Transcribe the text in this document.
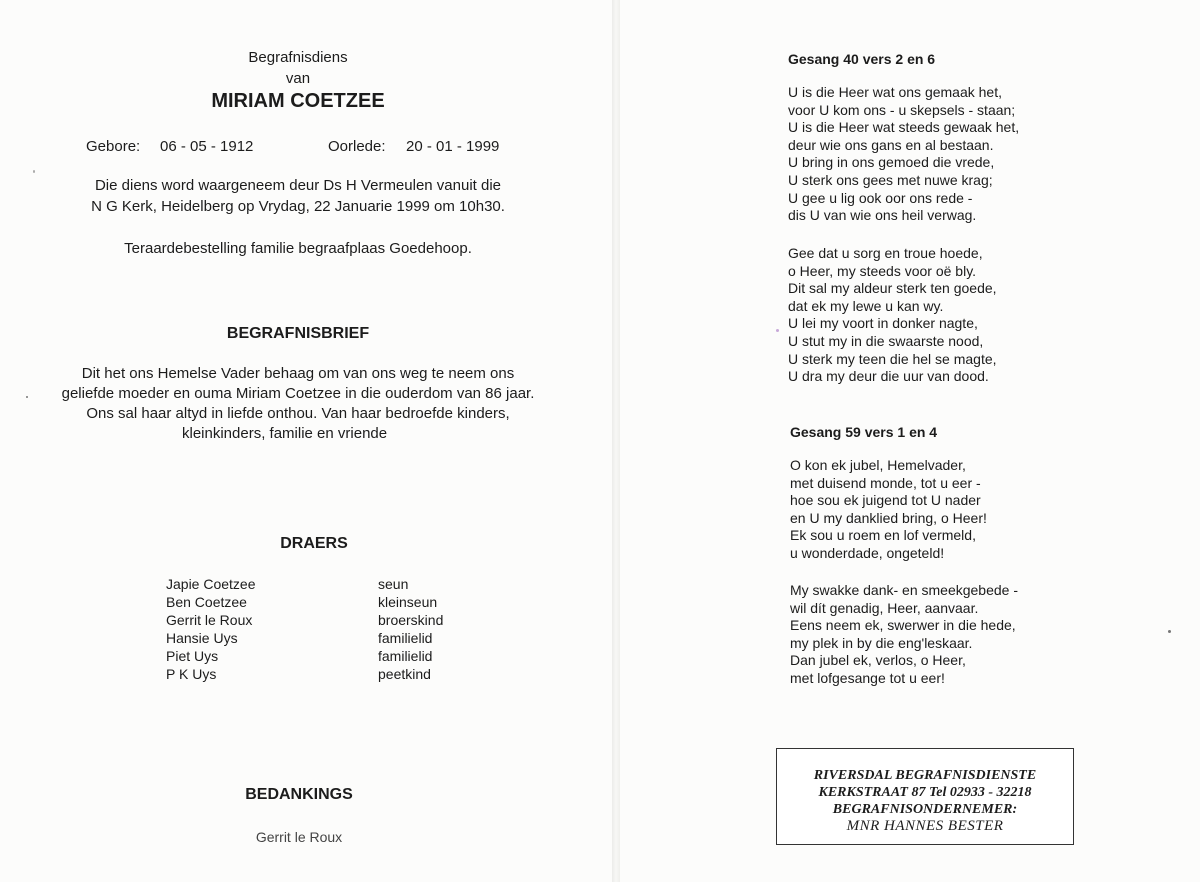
Begrafnisdiens
van
MIRIAM COETZEE
Gebore: 06 - 05 - 1912	Oorlede: 20 - 01 - 1999
Die diens word waargeneem deur Ds H Vermeulen vanuit die
N G Kerk, Heidelberg op Vrydag, 22 Januarie 1999 om 10h30.
Teraardebestelling familie begraafplaas Goedehoop.
BEGRAFNISBRIEF
Dit het ons Hemelse Vader behaag om van ons weg te neem ons
geliefde moeder en ouma Miriam Coetzee in die ouderdom van 86 jaar.
Ons sal haar altyd in liefde onthou. Van haar bedroefde kinders,
kleinkinders, familie en vriende
DRAERS
Japie Coetzee	seun
Ben Coetzee	kleinseun
Gerrit le Roux	broerskind
Hansie Uys	familielid
Piet Uys	familielid
P K Uys	peetkind
BEDANKINGS
Gerrit le Roux
Gesang 40 vers 2 en 6
U is die Heer wat ons gemaak het,
voor U kom ons - u skepsels - staan;
U is die Heer wat steeds gewaak het,
deur wie ons gans en al bestaan.
U bring in ons gemoed die vrede,
U sterk ons gees met nuwe krag;
U gee u lig ook oor ons rede -
dis U van wie ons heil verwag.
Gee dat u sorg en troue hoede,
o Heer, my steeds voor oë bly.
Dit sal my aldeur sterk ten goede,
dat ek my lewe u kan wy.
U lei my voort in donker nagte,
U stut my in die swaarste nood,
U sterk my teen die hel se magte,
U dra my deur die uur van dood.
Gesang 59 vers 1 en 4
O kon ek jubel, Hemelvader,
met duisend monde, tot u eer -
hoe sou ek juigend tot U nader
en U my danklied bring, o Heer!
Ek sou u roem en lof vermeld,
u wonderdade, ongeteld!
My swakke dank- en smeekgebede -
wil dít genadig, Heer, aanvaar.
Eens neem ek, swerwer in die hede,
my plek in by die eng'leskaar.
Dan jubel ek, verlos, o Heer,
met lofgesange tot u eer!
RIVERSDAL BEGRAFNISDIENSTE
KERKSTRAAT 87 Tel 02933 - 32218
BEGRAFNISONDERNEMER:
MNR HANNES BESTER
